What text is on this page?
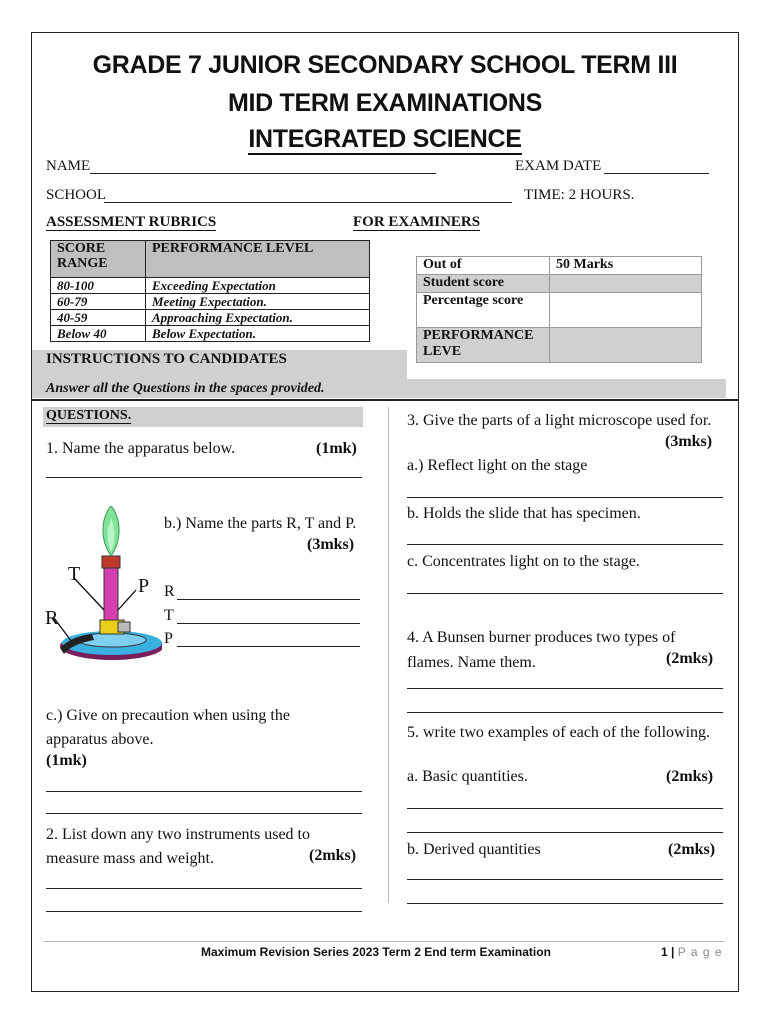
GRADE 7 JUNIOR SECONDARY SCHOOL TERM III
MID TERM EXAMINATIONS
INTEGRATED SCIENCE
NAME	EXAM DATE
SCHOOL	TIME: 2 HOURS.
ASSESSMENT RUBRICS	FOR EXAMINERS
SCORE RANGE	PERFORMANCE LEVEL
80-100	Exceeding Expectation
60-79	Meeting Expectation.
40-59	Approaching Expectation.
Below 40	Below Expectation.
Out of	50 Marks
Student score	
Percentage score	
PERFORMANCE LEVE	
INSTRUCTIONS TO CANDIDATES
Answer all the Questions in the spaces provided.
QUESTIONS.
1. Name the apparatus below.	(1mk)
T
P
R
b.) Name the parts R, T and P.
(3mks)
R
T
P
c.) Give on precaution when using the apparatus above.
(1mk)
2. List down any two instruments used to measure mass and weight.	(2mks)
3. Give the parts of a light microscope used for.
(3mks)
a.) Reflect light on the stage
b. Holds the slide that has specimen.
c. Concentrates light on to the stage.
4. A Bunsen burner produces two types of flames. Name them.	(2mks)
5. write two examples of each of the following.
a. Basic quantities.	(2mks)
b. Derived quantities	(2mks)
Maximum Revision Series 2023 Term 2 End term Examination	1 | P a g e
